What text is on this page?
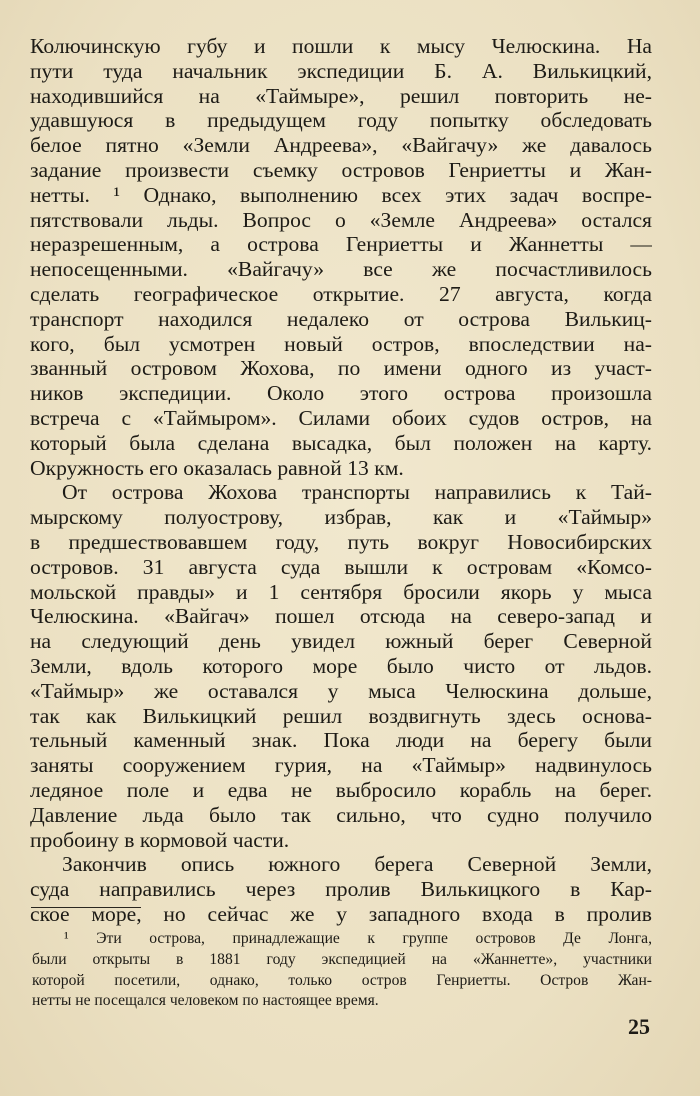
Колючинскую губу и пошли к мысу Челюскина. На
пути туда начальник экспедиции Б. А. Вилькицкий,
находившийся на «Таймыре», решил повторить не-
удавшуюся в предыдущем году попытку обследовать
белое пятно «Земли Андреева», «Вайгачу» же давалось
задание произвести съемку островов Генриетты и Жан-
нетты. ¹ Однако, выполнению всех этих задач воспре-
пятствовали льды. Вопрос о «Земле Андреева» остался
неразрешенным, а острова Генриетты и Жаннетты —
непосещенными. «Вайгачу» все же посчастливилось
сделать географическое открытие. 27 августа, когда
транспорт находился недалеко от острова Вилькиц-
кого, был усмотрен новый остров, впоследствии на-
званный островом Жохова, по имени одного из участ-
ников экспедиции. Около этого острова произошла
встреча с «Таймыром». Силами обоих судов остров, на
который была сделана высадка, был положен на карту.
Окружность его оказалась равной 13 км.
От острова Жохова транспорты направились к Тай-
мырскому полуострову, избрав, как и «Таймыр»
в предшествовавшем году, путь вокруг Новосибирских
островов. 31 августа суда вышли к островам «Комсо-
мольской правды» и 1 сентября бросили якорь у мыса
Челюскина. «Вайгач» пошел отсюда на северо-запад и
на следующий день увидел южный берег Северной
Земли, вдоль которого море было чисто от льдов.
«Таймыр» же оставался у мыса Челюскина дольше,
так как Вилькицкий решил воздвигнуть здесь основа-
тельный каменный знак. Пока люди на берегу были
заняты сооружением гурия, на «Таймыр» надвинулось
ледяное поле и едва не выбросило корабль на берег.
Давление льда было так сильно, что судно получило
пробоину в кормовой части.
Закончив опись южного берега Северной Земли,
суда направились через пролив Вилькицкого в Кар-
ское море, но сейчас же у западного входа в пролив
¹ Эти острова, принадлежащие к группе островов Де Лонга,
были открыты в 1881 году экспедицией на «Жаннетте», участники
которой посетили, однако, только остров Генриетты. Остров Жан-
нетты не посещался человеком по настоящее время.
25
